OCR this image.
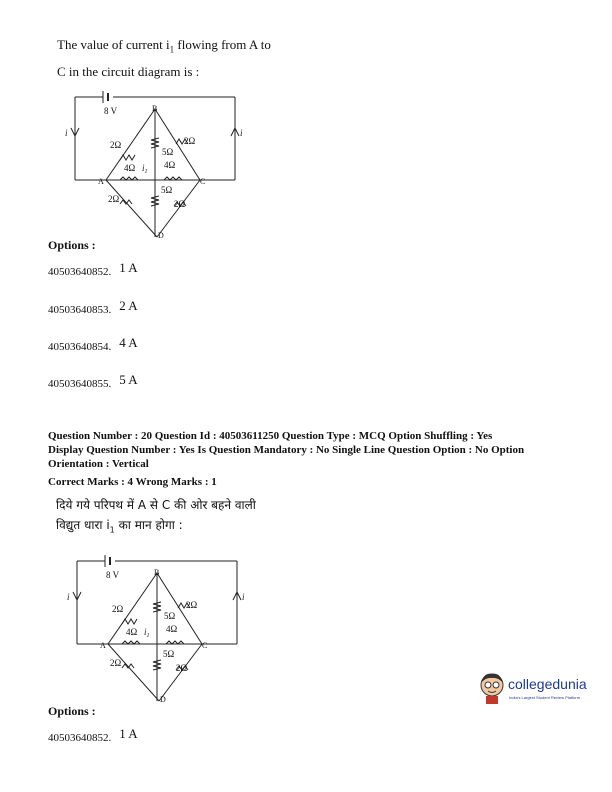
The value of current $i_1$ flowing from A to
C in the circuit diagram is :
8 V	B
A	C
D
i	i
2Ω	2Ω
5Ω
4Ω $i_1$
4Ω
2Ω
5Ω
2Ω
Options :
40503640852. 1 A
40503640853. 2 A
40503640854. 4 A
40503640855. 5 A
Question Number : 20 Question Id : 40503611250 Question Type : MCQ Option Shuffling : Yes
Display Question Number : Yes Is Question Mandatory : No Single Line Question Option : No Option
Orientation : Vertical
Correct Marks : 4 Wrong Marks : 1
दिये गये परिपथ में A से C की ओर बहने वाली
विद्युत धारा $i_1$ का मान होगा :
8 V	B
A	C
D
i	i
2Ω	2Ω
5Ω
4Ω $i_1$
4Ω
2Ω
5Ω
2Ω
Options :
40503640852. 1 A
collegedunia
India's Largest Student Review Platform
